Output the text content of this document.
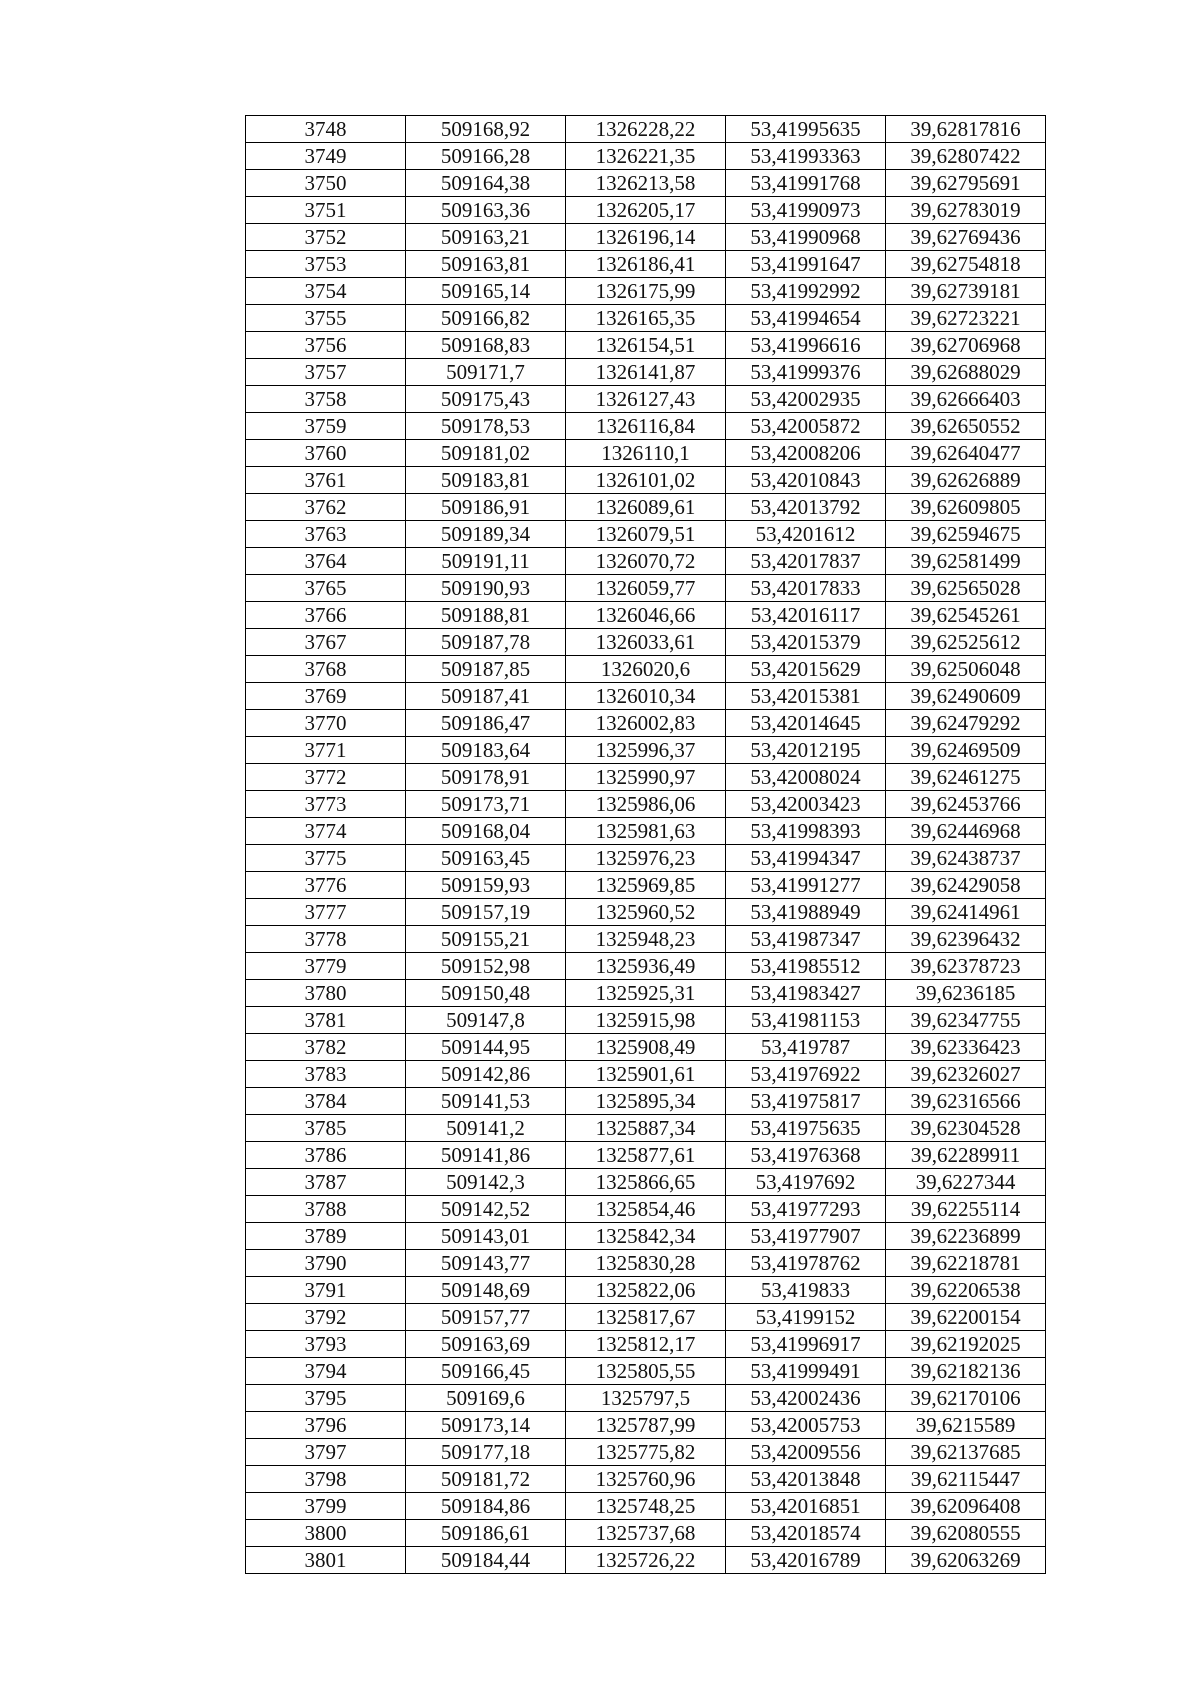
3748	509168,92	1326228,22	53,41995635	39,62817816
3749	509166,28	1326221,35	53,41993363	39,62807422
3750	509164,38	1326213,58	53,41991768	39,62795691
3751	509163,36	1326205,17	53,41990973	39,62783019
3752	509163,21	1326196,14	53,41990968	39,62769436
3753	509163,81	1326186,41	53,41991647	39,62754818
3754	509165,14	1326175,99	53,41992992	39,62739181
3755	509166,82	1326165,35	53,41994654	39,62723221
3756	509168,83	1326154,51	53,41996616	39,62706968
3757	509171,7	1326141,87	53,41999376	39,62688029
3758	509175,43	1326127,43	53,42002935	39,62666403
3759	509178,53	1326116,84	53,42005872	39,62650552
3760	509181,02	1326110,1	53,42008206	39,62640477
3761	509183,81	1326101,02	53,42010843	39,62626889
3762	509186,91	1326089,61	53,42013792	39,62609805
3763	509189,34	1326079,51	53,4201612	39,62594675
3764	509191,11	1326070,72	53,42017837	39,62581499
3765	509190,93	1326059,77	53,42017833	39,62565028
3766	509188,81	1326046,66	53,42016117	39,62545261
3767	509187,78	1326033,61	53,42015379	39,62525612
3768	509187,85	1326020,6	53,42015629	39,62506048
3769	509187,41	1326010,34	53,42015381	39,62490609
3770	509186,47	1326002,83	53,42014645	39,62479292
3771	509183,64	1325996,37	53,42012195	39,62469509
3772	509178,91	1325990,97	53,42008024	39,62461275
3773	509173,71	1325986,06	53,42003423	39,62453766
3774	509168,04	1325981,63	53,41998393	39,62446968
3775	509163,45	1325976,23	53,41994347	39,62438737
3776	509159,93	1325969,85	53,41991277	39,62429058
3777	509157,19	1325960,52	53,41988949	39,62414961
3778	509155,21	1325948,23	53,41987347	39,62396432
3779	509152,98	1325936,49	53,41985512	39,62378723
3780	509150,48	1325925,31	53,41983427	39,6236185
3781	509147,8	1325915,98	53,41981153	39,62347755
3782	509144,95	1325908,49	53,419787	39,62336423
3783	509142,86	1325901,61	53,41976922	39,62326027
3784	509141,53	1325895,34	53,41975817	39,62316566
3785	509141,2	1325887,34	53,41975635	39,62304528
3786	509141,86	1325877,61	53,41976368	39,62289911
3787	509142,3	1325866,65	53,4197692	39,6227344
3788	509142,52	1325854,46	53,41977293	39,62255114
3789	509143,01	1325842,34	53,41977907	39,62236899
3790	509143,77	1325830,28	53,41978762	39,62218781
3791	509148,69	1325822,06	53,419833	39,62206538
3792	509157,77	1325817,67	53,4199152	39,62200154
3793	509163,69	1325812,17	53,41996917	39,62192025
3794	509166,45	1325805,55	53,41999491	39,62182136
3795	509169,6	1325797,5	53,42002436	39,62170106
3796	509173,14	1325787,99	53,42005753	39,6215589
3797	509177,18	1325775,82	53,42009556	39,62137685
3798	509181,72	1325760,96	53,42013848	39,62115447
3799	509184,86	1325748,25	53,42016851	39,62096408
3800	509186,61	1325737,68	53,42018574	39,62080555
3801	509184,44	1325726,22	53,42016789	39,62063269
